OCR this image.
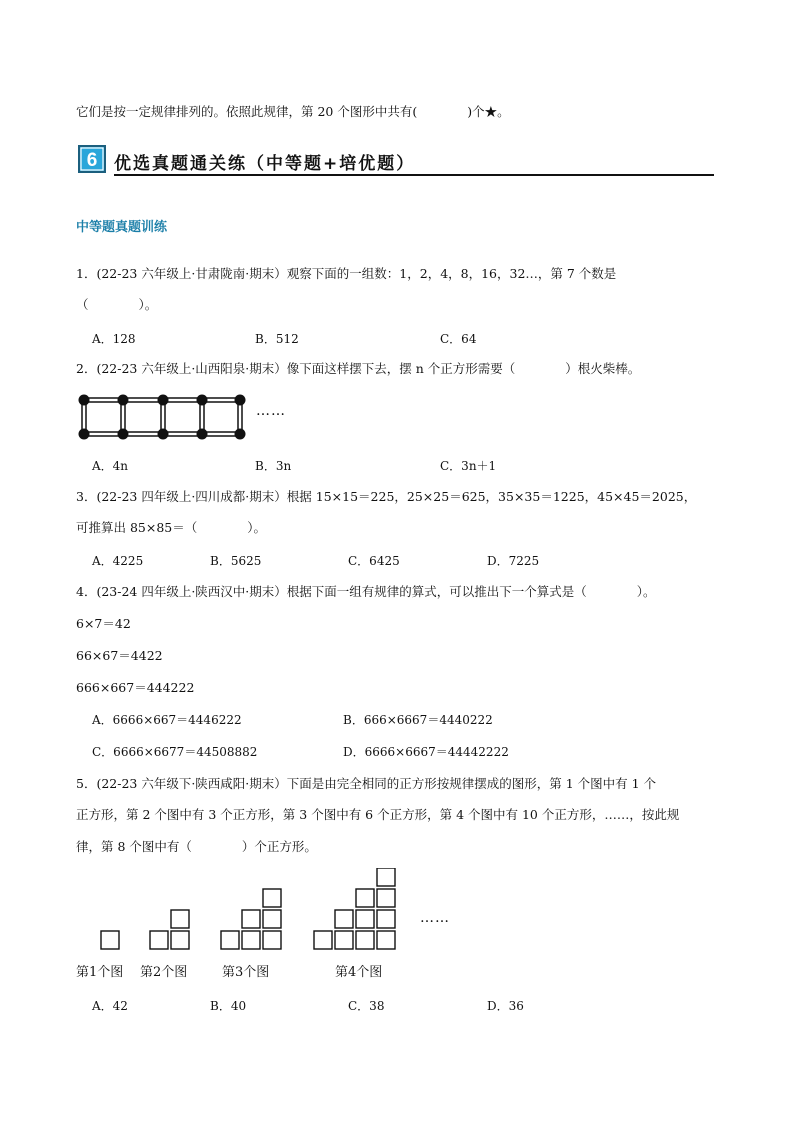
它们是按一定规律排列的。依照此规律，第 20 个图形中共有(　　　　)个★。
6 优选真题通关练（中等题+培优题）
中等题真题训练
1．(22-23 六年级上·甘肃陇南·期末）观察下面的一组数：1，2，4，8，16，32…，第 7 个数是
（　　　　）。
A．128	B．512	C．64
2．(22-23 六年级上·山西阳泉·期末）像下面这样摆下去，摆 n 个正方形需要（　　　　）根火柴棒。
……
A．4n	B．3n	C．3n＋1
3．(22-23 四年级上·四川成都·期末）根据 15×15＝225，25×25＝625，35×35＝1225，45×45＝2025，
可推算出 85×85＝（　　　　）。
A．4225	B．5625	C．6425	D．7225
4．(23-24 四年级上·陕西汉中·期末）根据下面一组有规律的算式，可以推出下一个算式是（　　　　）。
6×7＝42
66×67＝4422
666×667＝444222
A．6666×667＝4446222	B．666×6667＝4440222
C．6666×6677＝44508882	D．6666×6667＝44442222
5．(22-23 六年级下·陕西咸阳·期末）下面是由完全相同的正方形按规律摆成的图形，第 1 个图中有 1 个
正方形，第 2 个图中有 3 个正方形，第 3 个图中有 6 个正方形，第 4 个图中有 10 个正方形，……，按此规
律，第 8 个图中有（　　　　）个正方形。
……
第1个图 第2个图	第3个图	第4个图
A．42	B．40	C．38	D．36
